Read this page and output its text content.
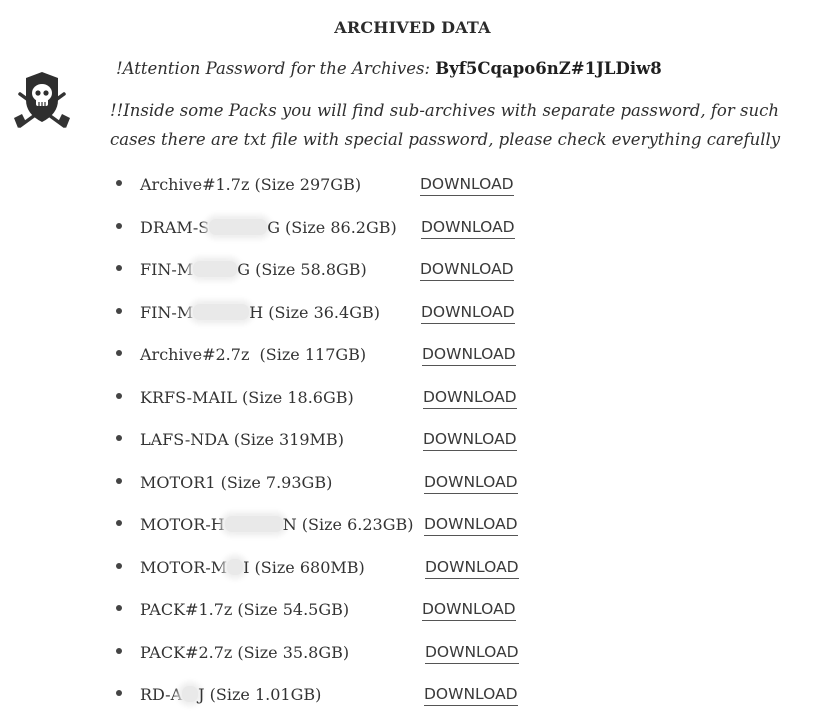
ARCHIVED DATA
!Attention Password for the Archives: Byf5Cqapo6nZ#1JLDiw8
!!Inside some Packs you will find sub-archives with separate password, for such cases there are txt file with special password, please check everything carefully
Archive#1.7z (Size 297GB)	DOWNLOAD
DRAM-S	G (Size 86.2GB) DOWNLOAD
FIN-M	G (Size 58.8GB)	DOWNLOAD
FIN-M	H (Size 36.4GB)	DOWNLOAD
Archive#2.7z  (Size 117GB)	DOWNLOAD
KRFS-MAIL (Size 18.6GB)	DOWNLOAD
LAFS-NDA (Size 319MB)	DOWNLOAD
MOTOR1 (Size 7.93GB)	DOWNLOAD
MOTOR-H	N (Size 6.23GB) DOWNLOAD
MOTOR-M I (Size 680MB)	DOWNLOAD
PACK#1.7z (Size 54.5GB)	DOWNLOAD
PACK#2.7z (Size 35.8GB)	DOWNLOAD
RD-A J (Size 1.01GB)	DOWNLOAD
